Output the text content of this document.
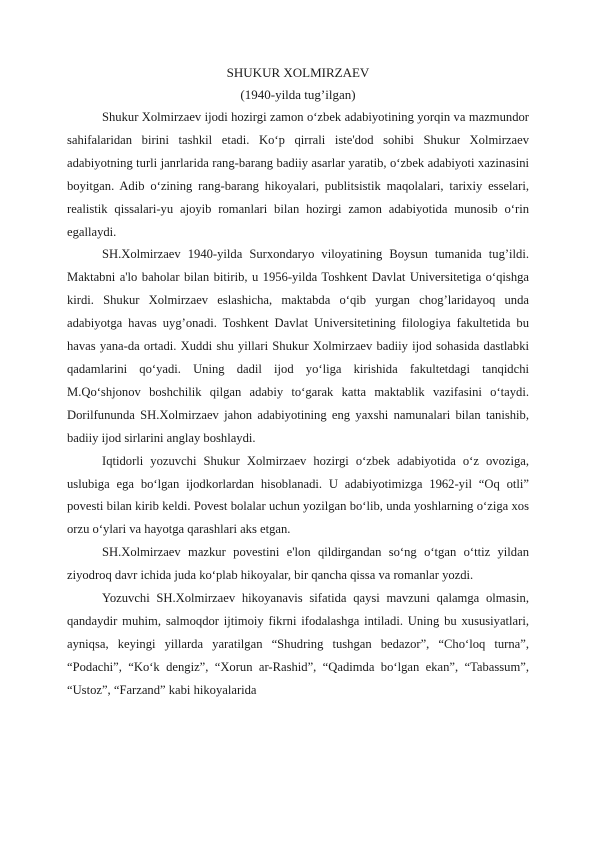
SHUKUR XOLMIRZAEV

(1940-yilda tug’ilgan)

Shukur Xolmirzaev ijodi hozirgi zamon o‘zbek adabiyotining yorqin va mazmundor sahifalaridan birini tashkil etadi. Ko‘p qirrali iste'dod sohibi Shukur Xolmirzaev adabiyotning turli janrlarida rang-barang badiiy asarlar yaratib, o‘zbek adabiyoti xazinasini boyitgan. Adib o‘zining rang-barang hikoyalari, publitsistik maqolalari, tarixiy esselari, realistik qissalari-yu ajoyib romanlari bilan hozirgi zamon adabiyotida munosib o‘rin egallaydi.

SH.Xolmirzaev 1940-yilda Surxondaryo viloyatining Boysun tumanida tug’ildi. Maktabni a'lo baholar bilan bitirib, u 1956-yilda Toshkent Davlat Universitetiga o‘qishga kirdi. Shukur Xolmirzaev eslashicha, maktabda o‘qib yurgan chog’laridayoq unda adabiyotga havas uyg’onadi. Toshkent Davlat Universitetining filologiya fakultetida bu havas yana-da ortadi. Xuddi shu yillari Shukur Xolmirzaev badiiy ijod sohasida dastlabki qadamlarini qo‘yadi. Uning dadil ijod yo‘liga kirishida fakultetdagi tanqidchi M.Qo‘shjonov boshchilik qilgan adabiy to‘garak katta maktablik vazifasini o‘taydi. Dorilfununda SH.Xolmirzaev jahon adabiyotining eng yaxshi namunalari bilan tanishib, badiiy ijod sirlarini anglay boshlaydi.

Iqtidorli yozuvchi Shukur Xolmirzaev hozirgi o‘zbek adabiyotida o‘z ovoziga, uslubiga ega bo‘lgan ijodkorlardan hisoblanadi. U adabiyotimizga 1962-yil “Oq otli” povesti bilan kirib keldi. Povest bolalar uchun yozilgan bo‘lib, unda yoshlarning o‘ziga xos orzu o‘ylari va hayotga qarashlari aks etgan.

SH.Xolmirzaev mazkur povestini e'lon qildirgandan so‘ng o‘tgan o‘ttiz yildan ziyodroq davr ichida juda ko‘plab hikoyalar, bir qancha qissa va romanlar yozdi.

Yozuvchi SH.Xolmirzaev hikoyanavis sifatida qaysi mavzuni qalamga olmasin, qandaydir muhim, salmoqdor ijtimoiy fikrni ifodalashga intiladi. Uning bu xususiyatlari, ayniqsa, keyingi yillarda yaratilgan “Shudring tushgan bedazor”, “Cho‘loq turna”, “Podachi”, “Ko‘k dengiz”, “Xorun ar-Rashid”, “Qadimda bo‘lgan ekan”, “Tabassum”, “Ustoz”, “Farzand” kabi hikoyalarida
